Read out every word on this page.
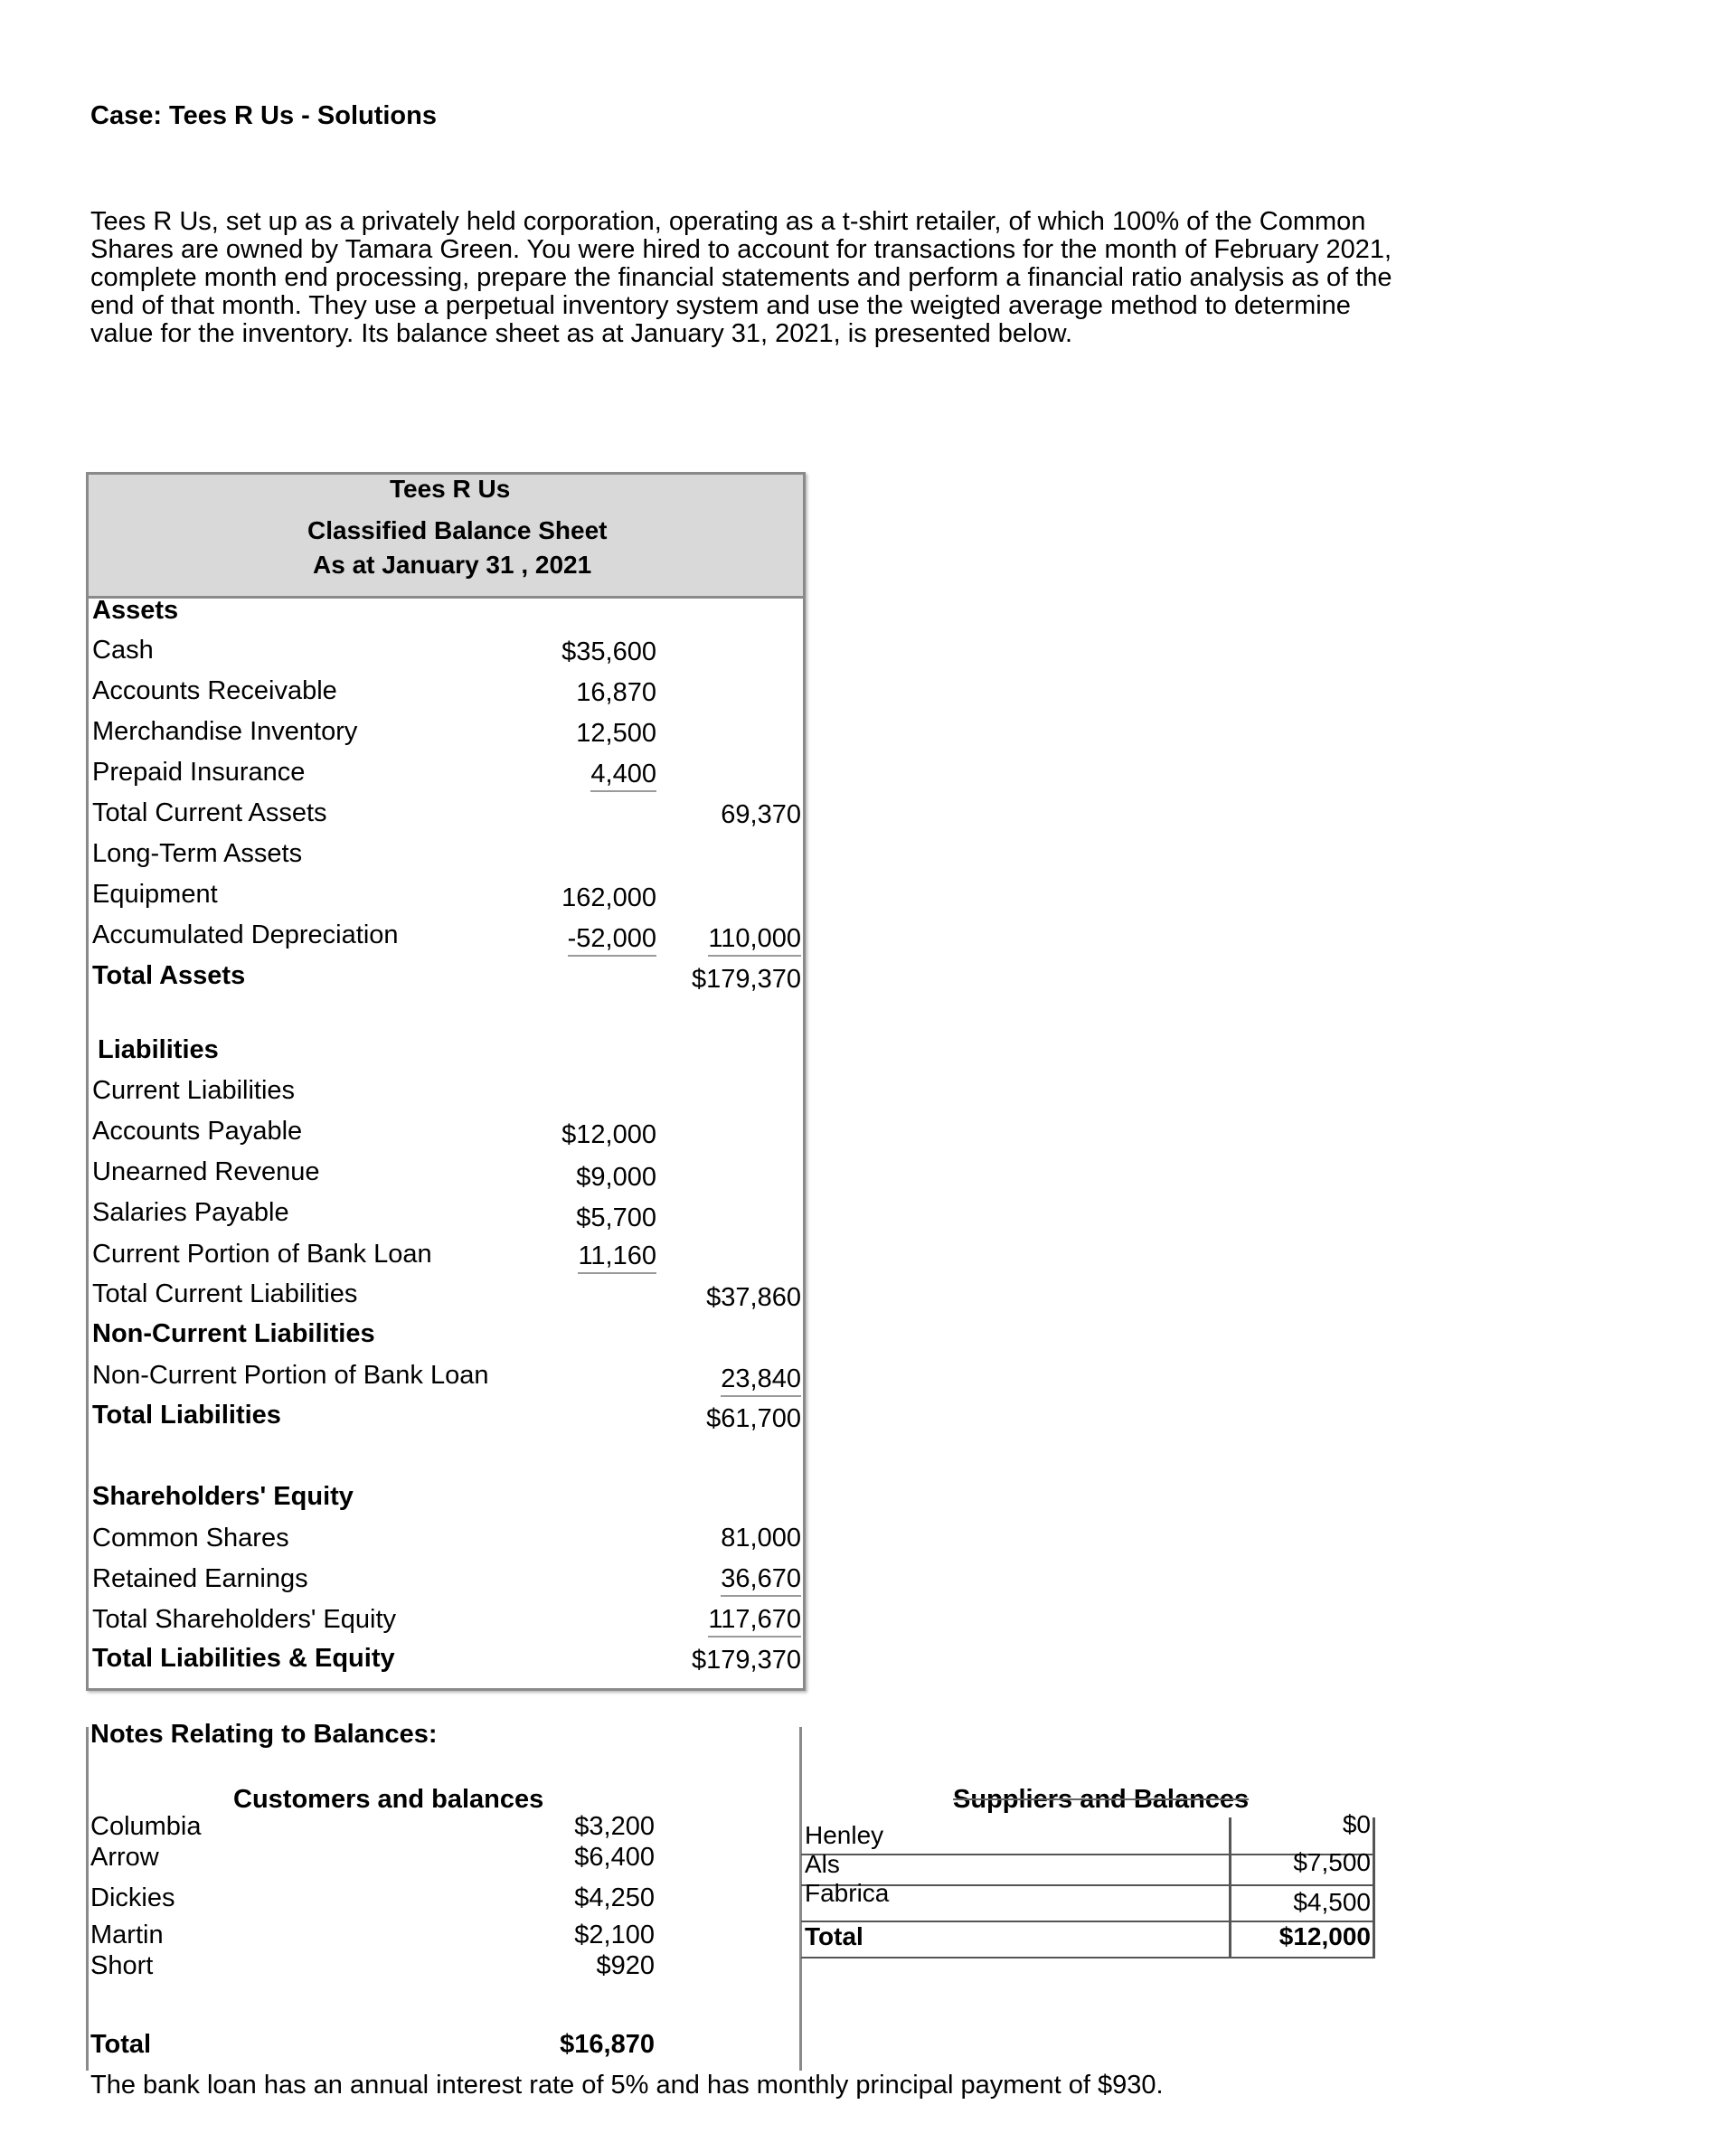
Case: Tees R Us - Solutions
Tees R Us, set up as a privately held corporation, operating as a t-shirt retailer, of which 100% of the Common Shares are owned by Tamara Green. You were hired to account for transactions for the month of February 2021, complete month end processing, prepare the financial statements and perform a financial ratio analysis as of the end of that month. They use a perpetual inventory system and use the weigted average method to determine value for the inventory. Its balance sheet as at January 31, 2021, is presented below.
Tees R Us
Classified Balance Sheet
As at January 31 , 2021
Assets
Cash	$35,600
Accounts Receivable	16,870
Merchandise Inventory	12,500
Prepaid Insurance	4,400
Total Current Assets	69,370
Long-Term Assets
Equipment	162,000
Accumulated Depreciation	-52,000 110,000
Total Assets	$179,370
Liabilities
Current Liabilities
Accounts Payable	$12,000
Unearned Revenue	$9,000
Salaries Payable	$5,700
Current Portion of Bank Loan	11,160
Total Current Liabilities	$37,860
Non-Current Liabilities
Non-Current Portion of Bank Loan	23,840
Total Liabilities	$61,700
Shareholders' Equity
Common Shares	81,000
Retained Earnings	36,670
Total Shareholders' Equity	117,670
Total Liabilities & Equity	$179,370
Notes Relating to Balances:
Customers and balances
Columbia	$3,200
Arrow	$6,400
Dickies	$4,250
Martin	$2,100
Short	$920
Total	$16,870
Suppliers and Balances
Henley	$0
Als	$7,500
Fabrica	$4,500
Total	$12,000
The bank loan has an annual interest rate of 5% and has monthly principal payment of $930.
